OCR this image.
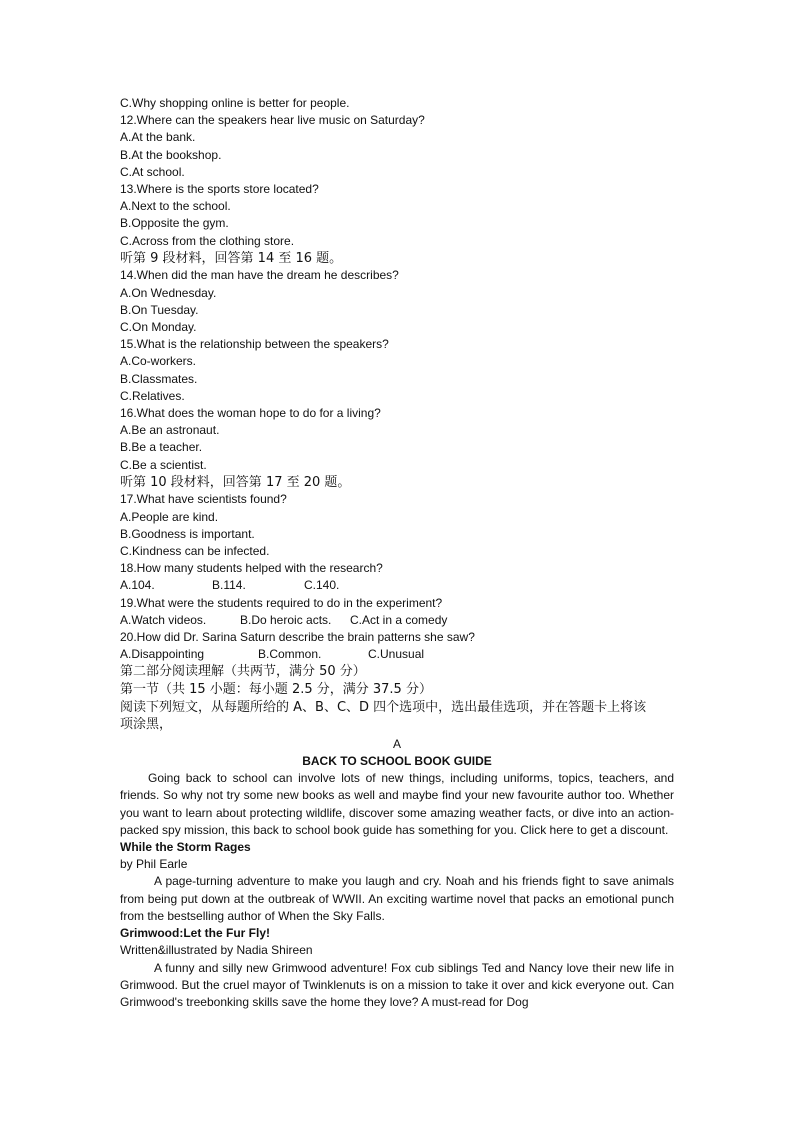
C.Why shopping online is better for people.
12.Where can the speakers hear live music on Saturday?
A.At the bank.
B.At the bookshop.
C.At school.
13.Where is the sports store located?
A.Next to the school.
B.Opposite the gym.
C.Across from the clothing store.
听第 9 段材料，回答第 14 至 16 题。
14.When did the man have the dream he describes?
A.On Wednesday.
B.On Tuesday.
C.On Monday.
15.What is the relationship between the speakers?
A.Co-workers.
B.Classmates.
C.Relatives.
16.What does the woman hope to do for a living?
A.Be an astronaut.
B.Be a teacher.
C.Be a scientist.
听第 10 段材料，回答第 17 至 20 题。
17.What have scientists found?
A.People are kind.
B.Goodness is important.
C.Kindness can be infected.
18.How many students helped with the research?
A.104.	B.114.	C.140.
19.What were the students required to do in the experiment?
A.Watch videos.	B.Do heroic acts.	C.Act in a comedy
20.How did Dr. Sarina Saturn describe the brain patterns she saw?
A.Disappointing	B.Common.	C.Unusual
第二部分阅读理解（共两节，满分 50 分）
第一节（共 15 小题：每小题 2.5 分，满分 37.5 分）
阅读下列短文，从每题所给的 A、B、C、D 四个选项中，选出最佳选项，并在答题卡上将该
项涂黑，
A
BACK TO SCHOOL BOOK GUIDE
Going back to school can involve lots of new things, including uniforms, topics, teachers, and friends. So why not try some new books as well and maybe find your new favourite author too. Whether you want to learn about protecting wildlife, discover some amazing weather facts, or dive into an action-packed spy mission, this back to school book guide has something for you. Click here to get a discount.
While the Storm Rages
by Phil Earle
A page-turning adventure to make you laugh and cry. Noah and his friends fight to save animals from being put down at the outbreak of WWII. An exciting wartime novel that packs an emotional punch from the bestselling author of When the Sky Falls.
Grimwood:Let the Fur Fly!
Written&illustrated by Nadia Shireen
A funny and silly new Grimwood adventure! Fox cub siblings Ted and Nancy love their new life in Grimwood. But the cruel mayor of Twinklenuts is on a mission to take it over and kick everyone out. Can Grimwood's treebonking skills save the home they love? A must-read for Dog
